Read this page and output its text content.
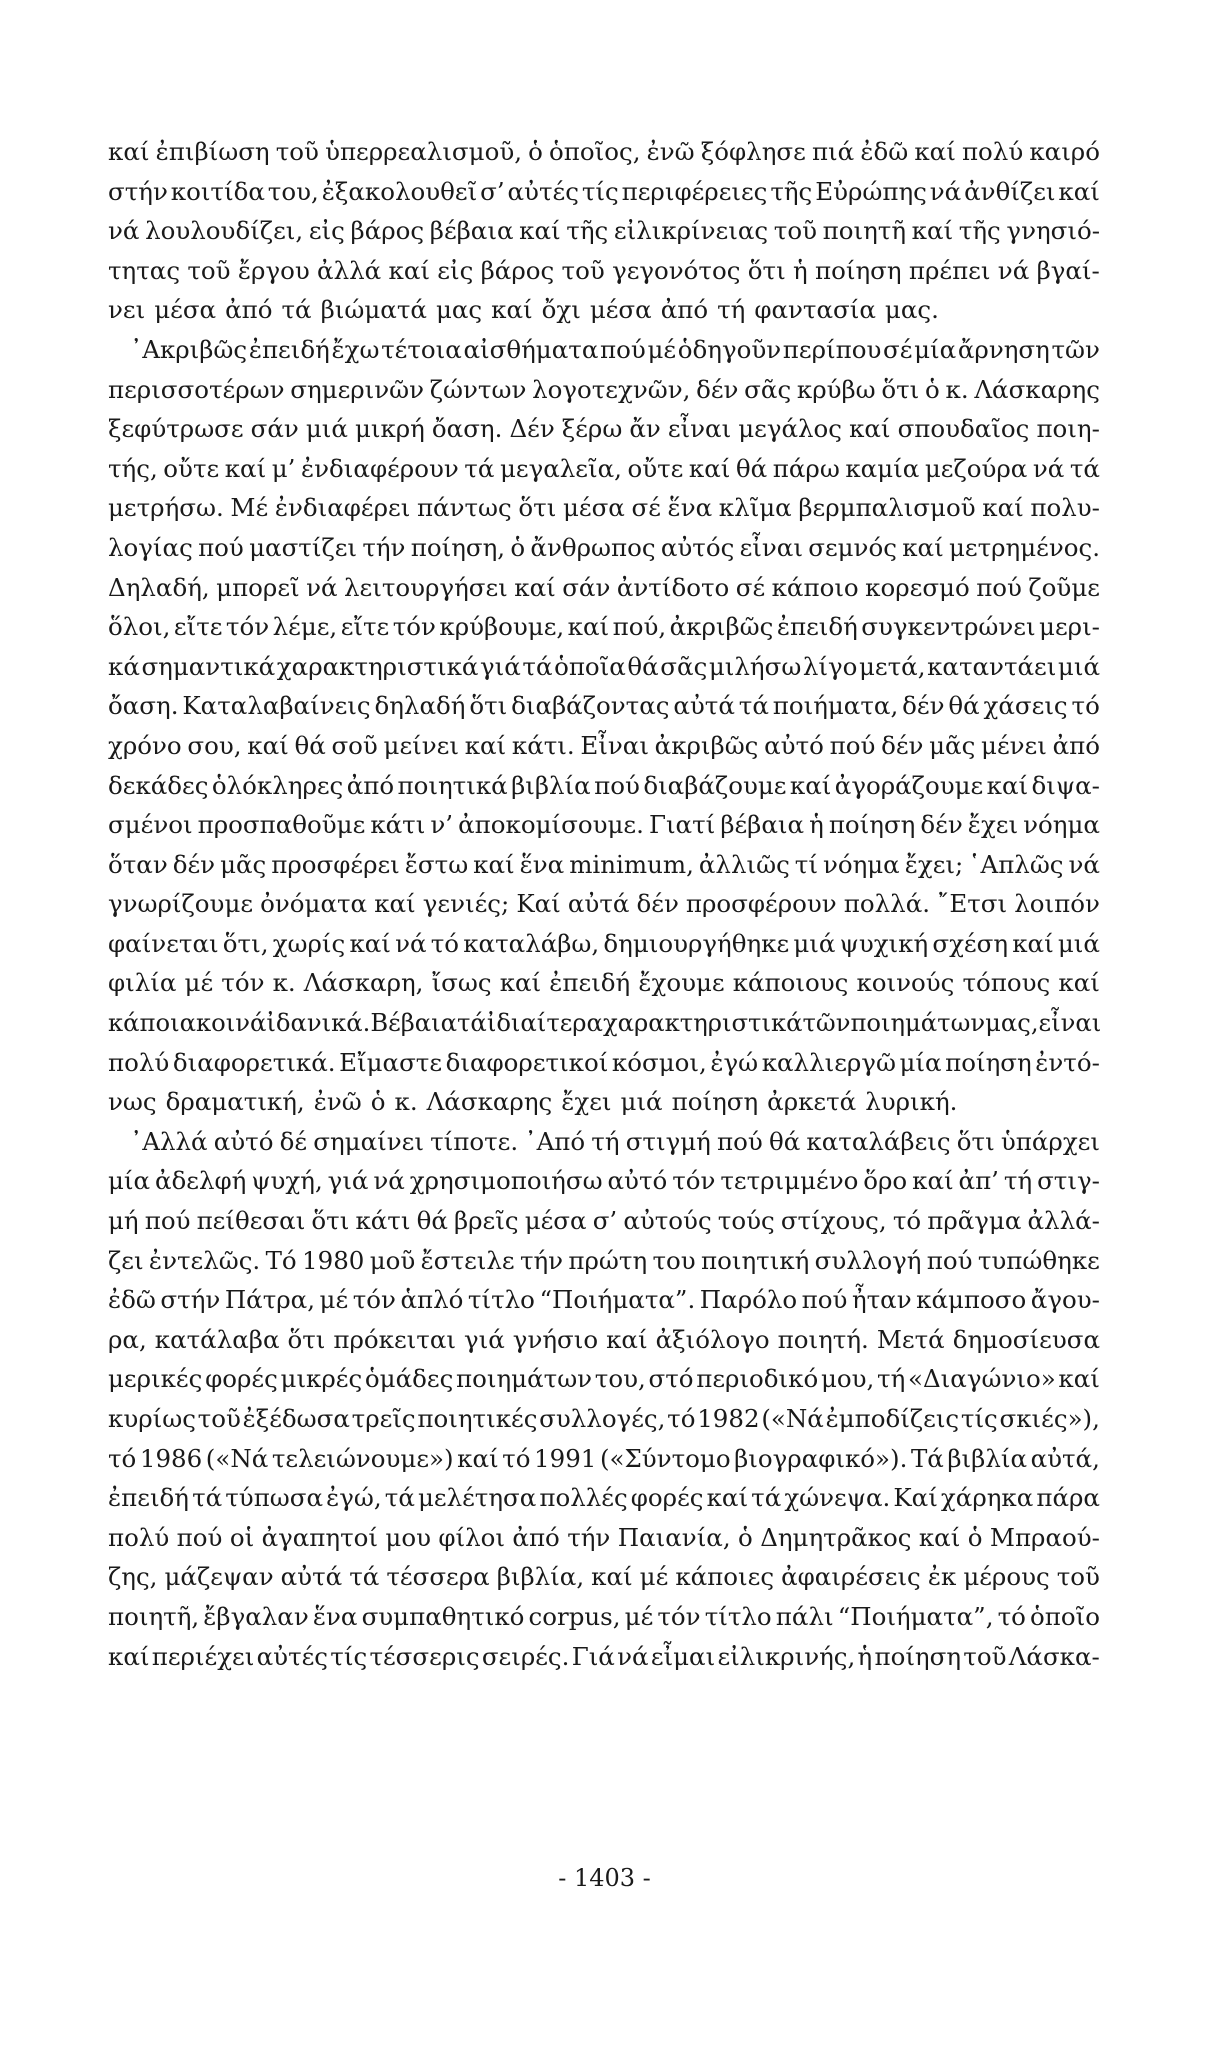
καί ἐπιβίωση τοῦ ὑπερρεαλισμοῦ, ὁ ὁποῖος, ἐνῶ ξόφλησε πιά ἐδῶ καί πολύ καιρό
στήν κοιτίδα του, ἐξακολουθεῖ σ’ αὐτές τίς περιφέρειες τῆς Εὐρώπης νά ἀνθίζει καί
νά λουλουδίζει, εἰς βάρος βέβαια καί τῆς εἰλικρίνειας τοῦ ποιητῆ καί τῆς γνησιό-
τητας τοῦ ἔργου ἀλλά καί εἰς βάρος τοῦ γεγονότος ὅτι ἡ ποίηση πρέπει νά βγαί-
νει μέσα ἀπό τά βιώματά μας καί ὄχι μέσα ἀπό τή φαντασία μας.
᾿Ακριβῶς ἐπειδή ἔχω τέτοια αἰσθήματα πού μέ ὁδηγοῦν περίπου σέ μία ἄρνηση τῶν
περισσοτέρων σημερινῶν ζώντων λογοτεχνῶν, δέν σᾶς κρύβω ὅτι ὁ κ. Λάσκαρης
ξεφύτρωσε σάν μιά μικρή ὄαση. Δέν ξέρω ἄν εἶναι μεγάλος καί σπουδαῖος ποιη-
τής, οὔτε καί μ’ ἐνδιαφέρουν τά μεγαλεῖα, οὔτε καί θά πάρω καμία μεζούρα νά τά
μετρήσω. Μέ ἐνδιαφέρει πάντως ὅτι μέσα σέ ἕνα κλῖμα βερμπαλισμοῦ καί πολυ-
λογίας πού μαστίζει τήν ποίηση, ὁ ἄνθρωπος αὐτός εἶναι σεμνός καί μετρημένος.
Δηλαδή, μπορεῖ νά λειτουργήσει καί σάν ἀντίδοτο σέ κάποιο κορεσμό πού ζοῦμε
ὅλοι, εἴτε τόν λέμε, εἴτε τόν κρύβουμε, καί πού, ἀκριβῶς ἐπειδή συγκεντρώνει μερι-
κά σημαντικά χαρακτηριστικά γιά τά ὁποῖα θά σᾶς μιλήσω λίγο μετά, καταντάει μιά
ὄαση. Καταλαβαίνεις δηλαδή ὅτι διαβάζοντας αὐτά τά ποιήματα, δέν θά χάσεις τό
χρόνο σου, καί θά σοῦ μείνει καί κάτι. Εἶναι ἀκριβῶς αὐτό πού δέν μᾶς μένει ἀπό
δεκάδες ὁλόκληρες ἀπό ποιητικά βιβλία πού διαβάζουμε καί ἀγοράζουμε καί διψα-
σμένοι προσπαθοῦμε κάτι ν’ ἀποκομίσουμε. Γιατί βέβαια ἡ ποίηση δέν ἔχει νόημα
ὅταν δέν μᾶς προσφέρει ἔστω καί ἕνα minimum, ἀλλιῶς τί νόημα ἔχει; ῾Απλῶς νά
γνωρίζουμε ὀνόματα καί γενιές; Καί αὐτά δέν προσφέρουν πολλά. ῎Ετσι λοιπόν
φαίνεται ὅτι, χωρίς καί νά τό καταλάβω, δημιουργήθηκε μιά ψυχική σχέση καί μιά
φιλία μέ τόν κ. Λάσκαρη, ἴσως καί ἐπειδή ἔχουμε κάποιους κοινούς τόπους καί
κάποια κοινά ἰδανικά. Βέβαια τά ἰδιαίτερα χαρακτηριστικά τῶν ποιημάτων μας, εἶναι
πολύ διαφορετικά. Εἴμαστε διαφορετικοί κόσμοι, ἐγώ καλλιεργῶ μία ποίηση ἐντό-
νως δραματική, ἐνῶ ὁ κ. Λάσκαρης ἔχει μιά ποίηση ἀρκετά λυρική.
᾿Αλλά αὐτό δέ σημαίνει τίποτε. ᾿Από τή στιγμή πού θά καταλάβεις ὅτι ὑπάρχει
μία ἀδελφή ψυχή, γιά νά χρησιμοποιήσω αὐτό τόν τετριμμένο ὅρο καί ἀπ’ τή στιγ-
μή πού πείθεσαι ὅτι κάτι θά βρεῖς μέσα σ’ αὐτούς τούς στίχους, τό πρᾶγμα ἀλλά-
ζει ἐντελῶς. Τό 1980 μοῦ ἔστειλε τήν πρώτη του ποιητική συλλογή πού τυπώθηκε
ἐδῶ στήν Πάτρα, μέ τόν ἁπλό τίτλο “Ποιήματα”. Παρόλο πού ἦταν κάμποσο ἄγου-
ρα, κατάλαβα ὅτι πρόκειται γιά γνήσιο καί ἀξιόλογο ποιητή. Μετά δημοσίευσα
μερικές φορές μικρές ὁμάδες ποιημάτων του, στό περιοδικό μου, τή «Διαγώνιο» καί
κυρίως τοῦ ἐξέδωσα τρεῖς ποιητικές συλλογές, τό 1982 («Νά ἐμποδίζεις τίς σκιές»),
τό 1986 («Νά τελειώνουμε») καί τό 1991 («Σύντομο βιογραφικό»). Τά βιβλία αὐτά,
ἐπειδή τά τύπωσα ἐγώ, τά μελέτησα πολλές φορές καί τά χώνεψα. Καί χάρηκα πάρα
πολύ πού οἱ ἀγαπητοί μου φίλοι ἀπό τήν Παιανία, ὁ Δημητρᾶκος καί ὁ Μπραού-
ζης, μάζεψαν αὐτά τά τέσσερα βιβλία, καί μέ κάποιες ἀφαιρέσεις ἐκ μέρους τοῦ
ποιητῆ, ἔβγαλαν ἕνα συμπαθητικό corpus, μέ τόν τίτλο πάλι “Ποιήματα”, τό ὁποῖο
καί περιέχει αὐτές τίς τέσσερις σειρές. Γιά νά εἶμαι εἰλικρινής, ἡ ποίηση τοῦ Λάσκα-
- 1403 -
